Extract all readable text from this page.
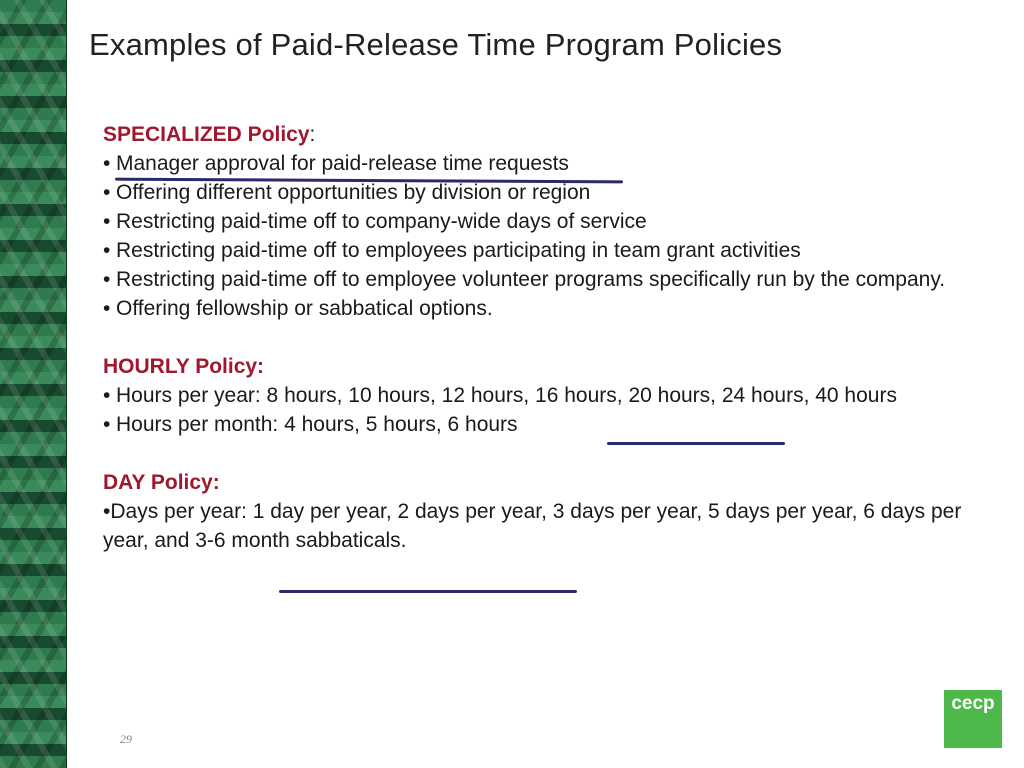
Examples of Paid-Release Time Program Policies
SPECIALIZED Policy:
• Manager approval for paid-release time requests
• Offering different opportunities by division or region
• Restricting paid-time off to company-wide days of service
• Restricting paid-time off to employees participating in team grant activities
• Restricting paid-time off to employee volunteer programs specifically run by the company.
• Offering fellowship or sabbatical options.
HOURLY Policy:
• Hours per year: 8 hours, 10 hours, 12 hours, 16 hours, 20 hours, 24 hours, 40 hours
• Hours per month: 4 hours, 5 hours, 6 hours
DAY Policy:
•Days per year: 1 day per year, 2 days per year, 3 days per year, 5 days per year, 6 days per year, and 3-6 month sabbaticals.
29
cecp
